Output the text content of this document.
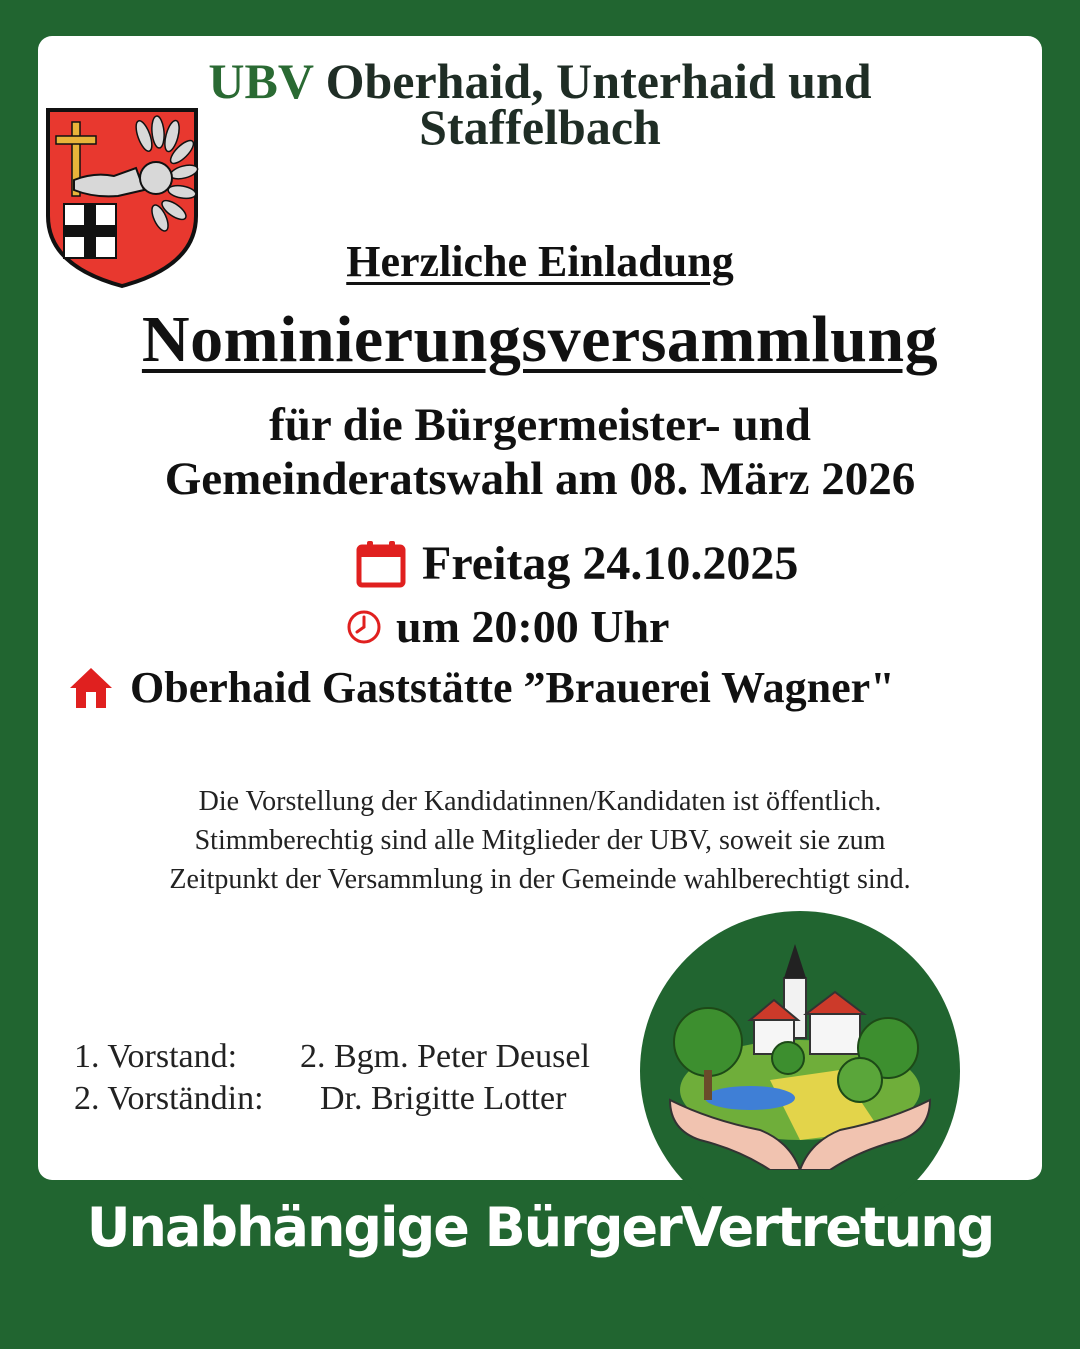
UBV Oberhaid, Unterhaid und Staffelbach
Herzliche Einladung
Nominierungsversammlung
für die Bürgermeister- und
Gemeinderatswahl am 08. März 2026
Freitag 24.10.2025
um 20:00 Uhr
Oberhaid Gaststätte ”Brauerei Wagner"
Die Vorstellung der Kandidatinnen/Kandidaten ist öffentlich.
Stimmberechtig sind alle Mitglieder der UBV, soweit sie zum
Zeitpunkt der Versammlung in der Gemeinde wahlberechtigt sind.
1. Vorstand:	2. Bgm. Peter Deusel
2. Vorständin:	Dr. Brigitte Lotter
Unabhängige BürgerVertretung
